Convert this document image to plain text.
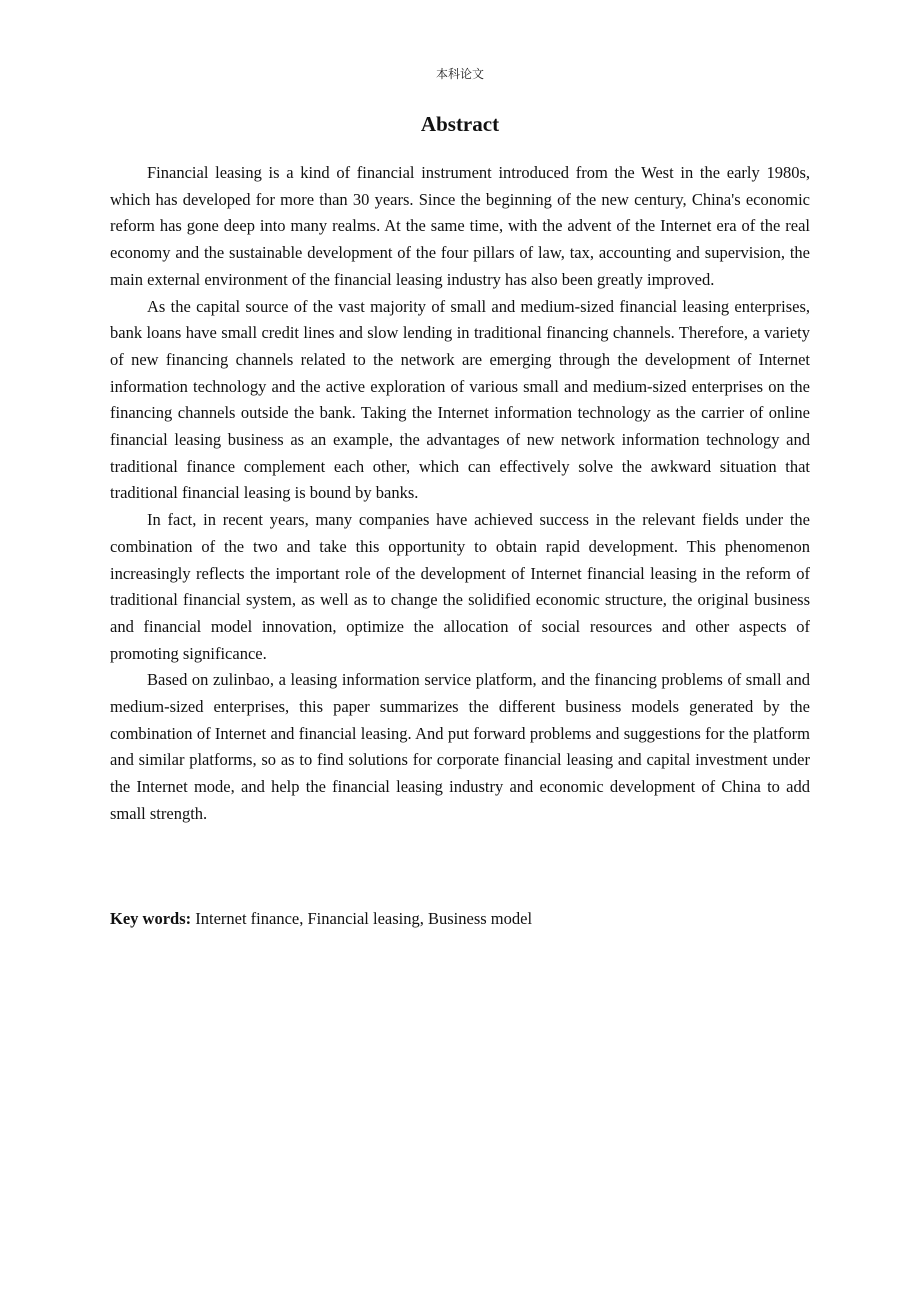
本科论文
Abstract

Financial leasing is a kind of financial instrument introduced from the West in the early 1980s, which has developed for more than 30 years. Since the beginning of the new century, China's economic reform has gone deep into many realms. At the same time, with the advent of the Internet era of the real economy and the sustainable development of the four pillars of law, tax, accounting and supervision, the main external environment of the financial leasing industry has also been greatly improved.

As the capital source of the vast majority of small and medium-sized financial leasing enterprises, bank loans have small credit lines and slow lending in traditional financing channels. Therefore, a variety of new financing channels related to the network are emerging through the development of Internet information technology and the active exploration of various small and medium-sized enterprises on the financing channels outside the bank. Taking the Internet information technology as the carrier of online financial leasing business as an example, the advantages of new network information technology and traditional finance complement each other, which can effectively solve the awkward situation that traditional financial leasing is bound by banks.

In fact, in recent years, many companies have achieved success in the relevant fields under the combination of the two and take this opportunity to obtain rapid development. This phenomenon increasingly reflects the important role of the development of Internet financial leasing in the reform of traditional financial system, as well as to change the solidified economic structure, the original business and financial model innovation, optimize the allocation of social resources and other aspects of promoting significance.

Based on zulinbao, a leasing information service platform, and the financing problems of small and medium-sized enterprises, this paper summarizes the different business models generated by the combination of Internet and financial leasing. And put forward problems and suggestions for the platform and similar platforms, so as to find solutions for corporate financial leasing and capital investment under the Internet mode, and help the financial leasing industry and economic development of China to add small strength.

Key words: Internet finance, Financial leasing, Business model
